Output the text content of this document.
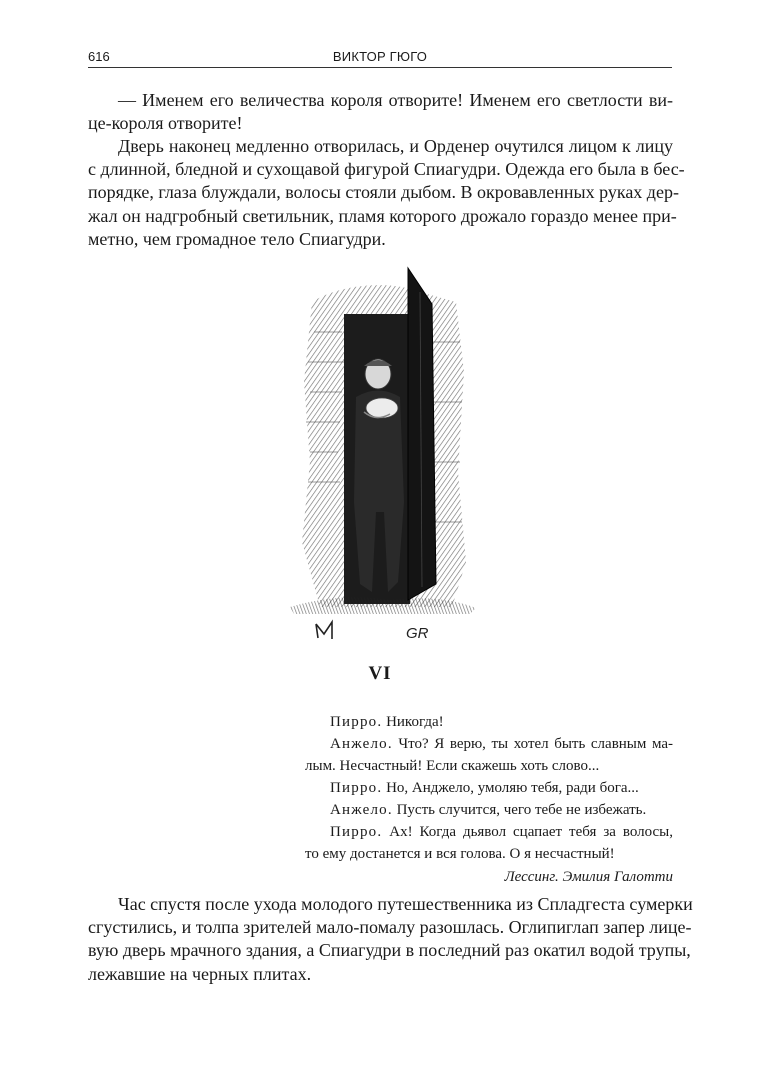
616	ВИКТОР ГЮГО
— Именем его величества короля отворите! Именем его светлости ви-
це-короля отворите!
Дверь наконец медленно отворилась, и Орденер очутился лицом к лицу
с длинной, бледной и сухощавой фигурой Спиагудри. Одежда его была в бес-
порядке, глаза блуждали, волосы стояли дыбом. В окровавленных руках дер-
жал он надгробный светильник, пламя которого дрожало гораздо менее при-
метно, чем громадное тело Спиагудри.
GR
VI
Пирро. Никогда!
Анжело. Что? Я верю, ты хотел быть славным ма-
лым. Несчастный! Если скажешь хоть слово...
Пирро. Но, Анджело, умоляю тебя, ради бога...
Анжело. Пусть случится, чего тебе не избежать.
Пирро. Ах! Когда дьявол сцапает тебя за волосы,
то ему достанется и вся голова. О я несчастный!
Лессинг. Эмилия Галотти
Час спустя после ухода молодого путешественника из Спладгеста сумерки
сгустились, и толпа зрителей мало-помалу разошлась. Оглипиглап запер лице-
вую дверь мрачного здания, а Спиагудри в последний раз окатил водой трупы,
лежавшие на черных плитах.
